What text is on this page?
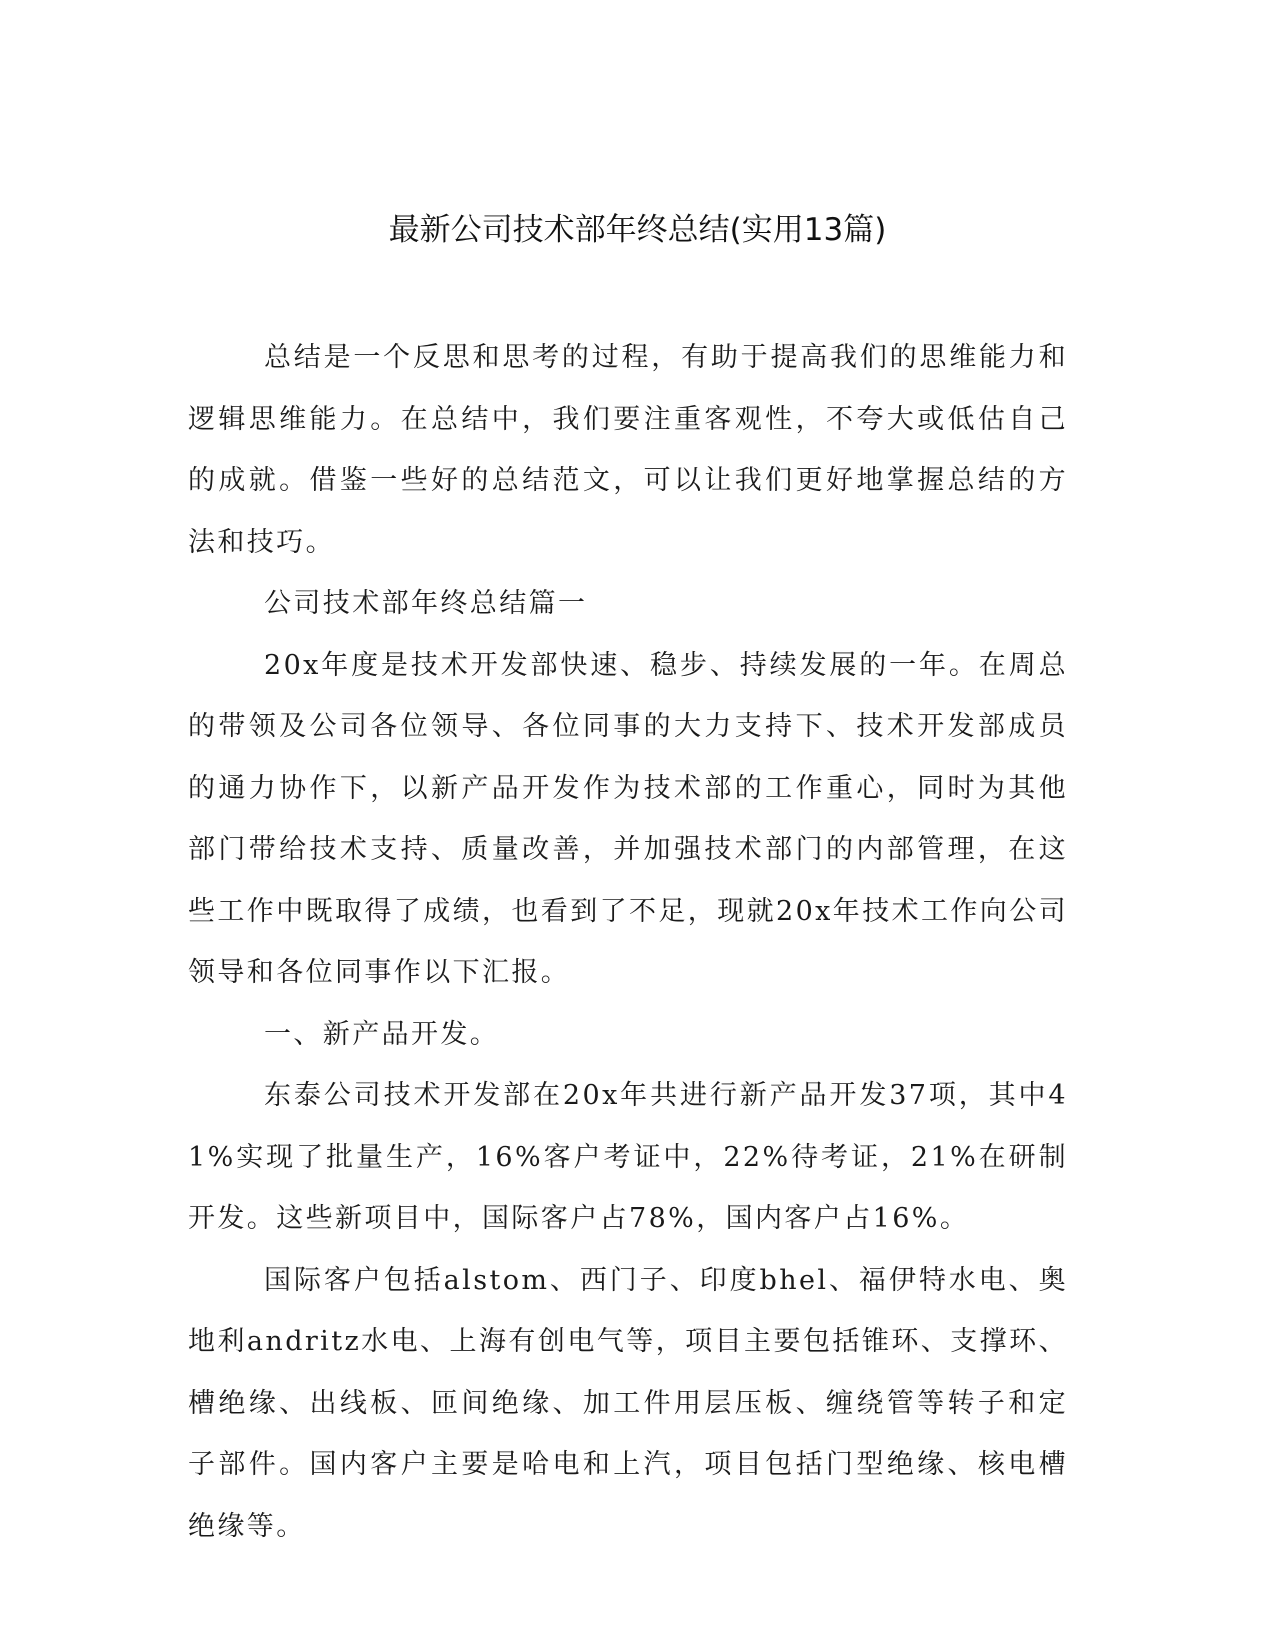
最新公司技术部年终总结(实用13篇)

总结是一个反思和思考的过程，有助于提高我们的思维能力和逻辑思维能力。在总结中，我们要注重客观性，不夸大或低估自己的成就。借鉴一些好的总结范文，可以让我们更好地掌握总结的方法和技巧。

公司技术部年终总结篇一

20x年度是技术开发部快速、稳步、持续发展的一年。在周总的带领及公司各位领导、各位同事的大力支持下、技术开发部成员的通力协作下，以新产品开发作为技术部的工作重心，同时为其他部门带给技术支持、质量改善，并加强技术部门的内部管理，在这些工作中既取得了成绩，也看到了不足，现就20x年技术工作向公司领导和各位同事作以下汇报。

一、新产品开发。

东泰公司技术开发部在20x年共进行新产品开发37项，其中41%实现了批量生产，16%客户考证中，22%待考证，21%在研制开发。这些新项目中，国际客户占78%，国内客户占16%。

国际客户包括alstom、西门子、印度bhel、福伊特水电、奥地利andritz水电、上海有创电气等，项目主要包括锥环、支撑环、槽绝缘、出线板、匝间绝缘、加工件用层压板、缠绕管等转子和定子部件。国内客户主要是哈电和上汽，项目包括门型绝缘、核电槽绝缘等。
